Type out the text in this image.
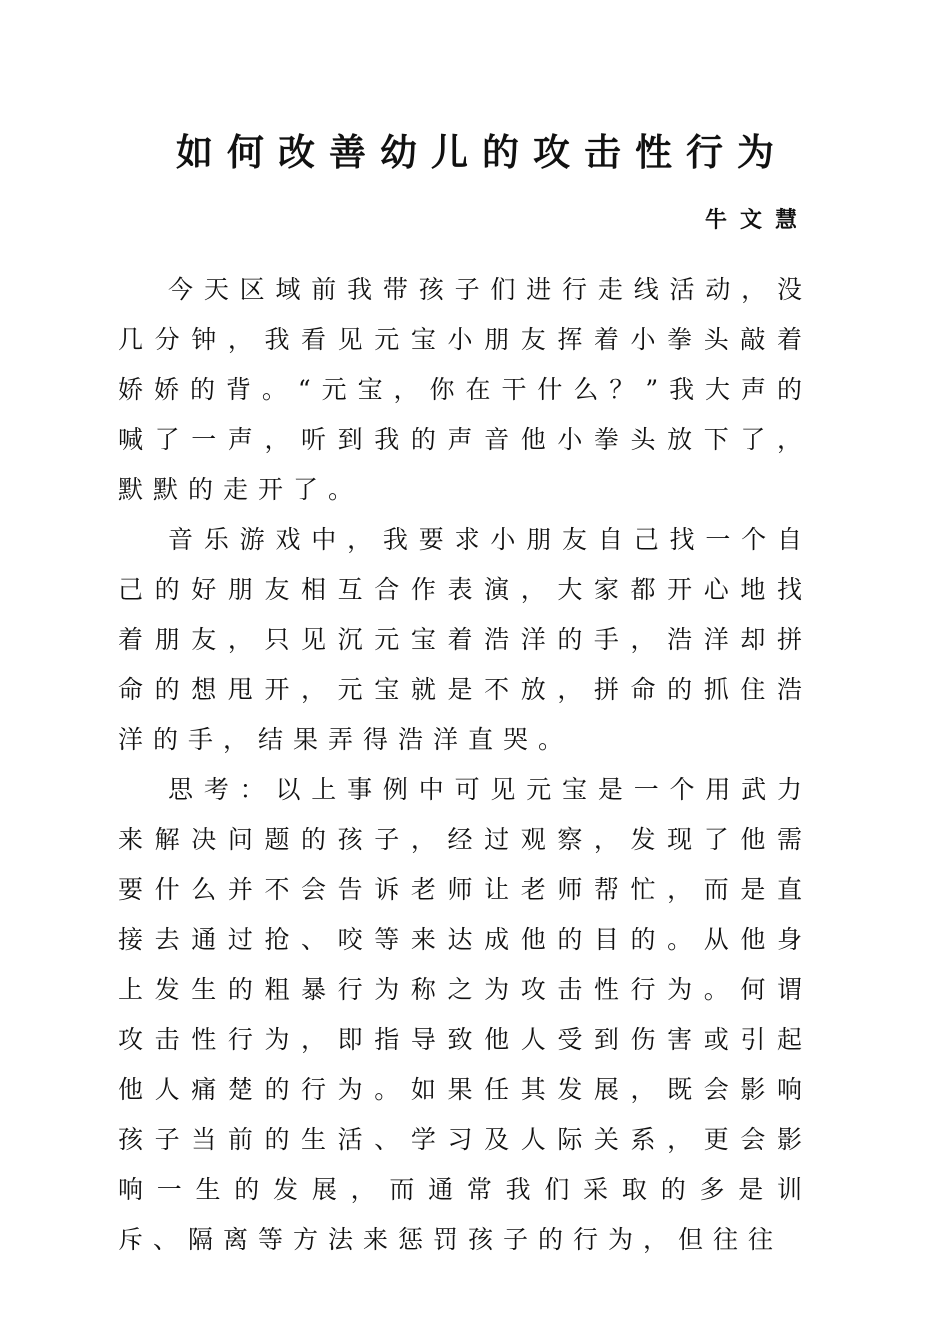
如何改善幼儿的攻击性行为
牛文慧

今天区域前我带孩子们进行走线活动，没几分钟，我看见元宝小朋友挥着小拳头敲着娇娇的背。“元宝，你在干什么？”我大声的喊了一声，听到我的声音他小拳头放下了，默默的走开了。

音乐游戏中，我要求小朋友自己找一个自己的好朋友相互合作表演，大家都开心地找着朋友，只见沉元宝着浩洋的手，浩洋却拼命的想甩开，元宝就是不放，拼命的抓住浩洋的手，结果弄得浩洋直哭。

思考：以上事例中可见元宝是一个用武力来解决问题的孩子，经过观察，发现了他需要什么并不会告诉老师让老师帮忙，而是直接去通过抢、咬等来达成他的目的。从他身上发生的粗暴行为称之为攻击性行为。何谓攻击性行为，即指导致他人受到伤害或引起他人痛楚的行为。如果任其发展，既会影响孩子当前的生活、学习及人际关系，更会影响一生的发展，而通常我们采取的多是训斥、隔离等方法来惩罚孩子的行为，但往往
